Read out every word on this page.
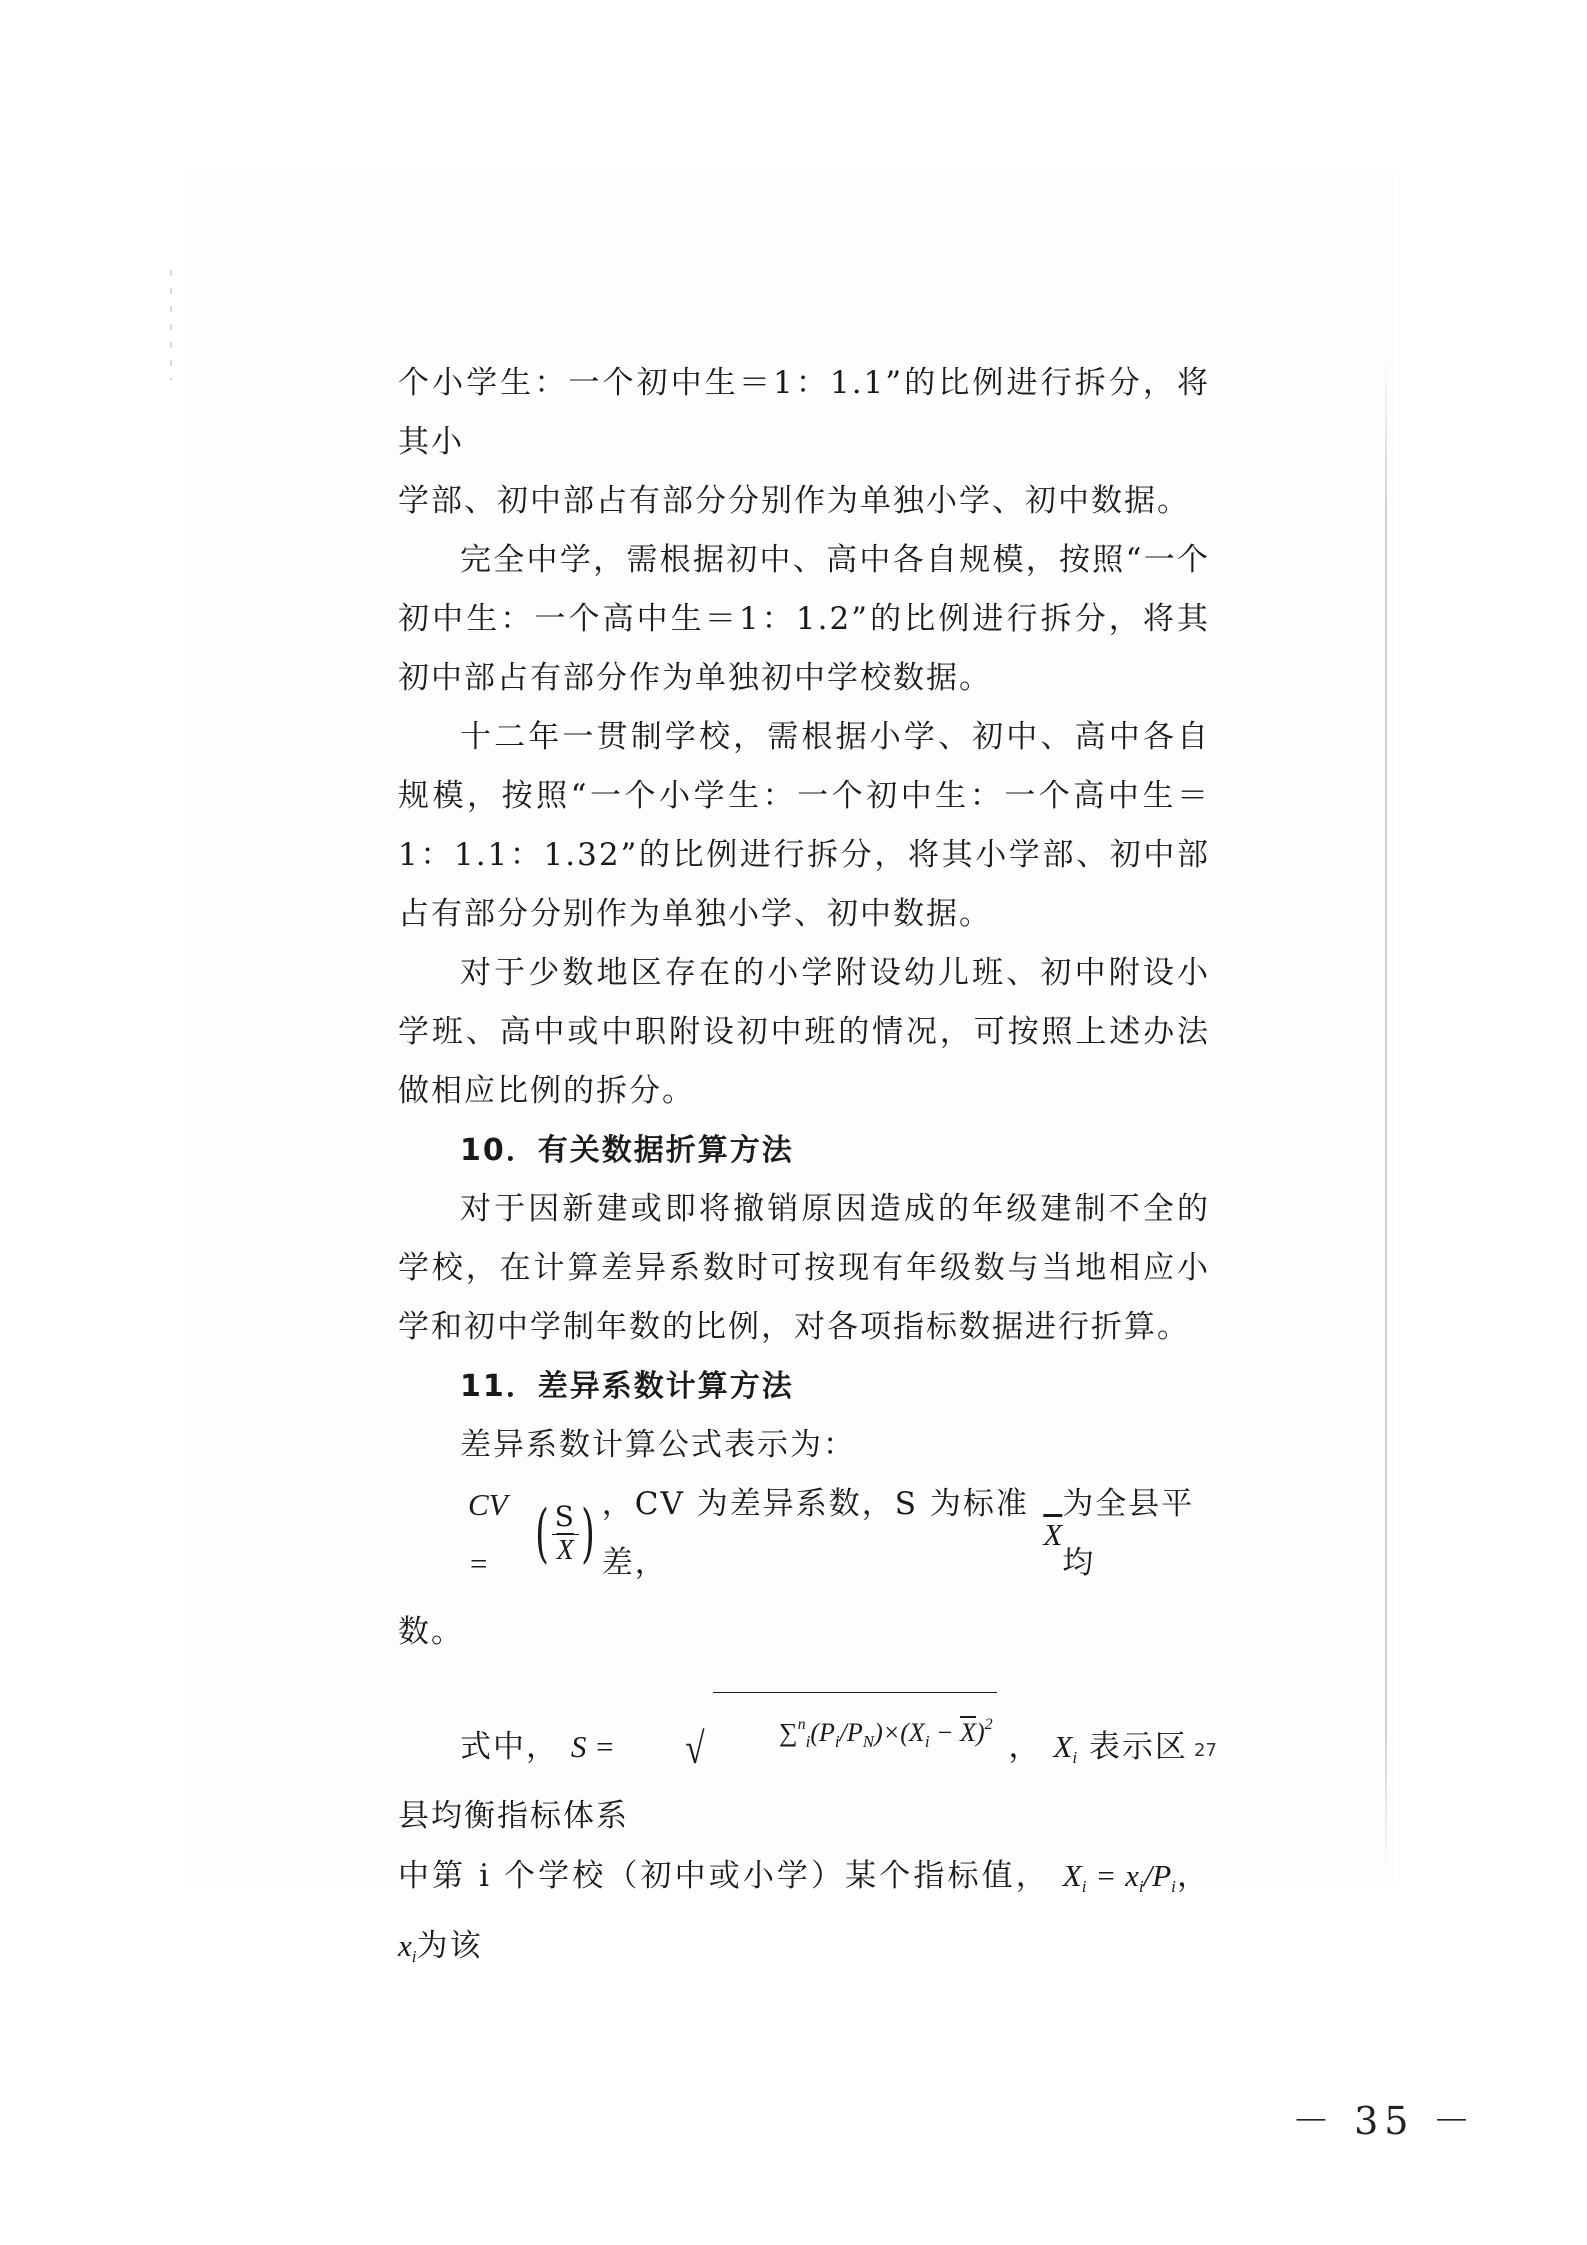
27

个小学生：一个初中生＝1：1.1”的比例进行拆分，将其小

学部、初中部占有部分分别作为单独小学、初中数据。

完全中学，需根据初中、高中各自规模，按照“一个初中生：一个高中生＝1：1.2”的比例进行拆分，将其初中部占有部分作为单独初中学校数据。

十二年一贯制学校，需根据小学、初中、高中各自规模，按照“一个小学生：一个初中生：一个高中生＝1：1.1：1.32”的比例进行拆分，将其小学部、初中部占有部分分别作为单独小学、初中数据。

对于少数地区存在的小学附设幼儿班、初中附设小学班、高中或中职附设初中班的情况，可按照上述办法做相应比例的拆分。

10．有关数据折算方法

对于因新建或即将撤销原因造成的年级建制不全的学校，在计算差异系数时可按现有年级数与当地相应小学和初中学制年数的比例，对各项指标数据进行折算。

11．差异系数计算方法

差异系数计算公式表示为：

CV = ( $\frac{S}{X}$ ) ，CV 为差异系数，S 为标准差，
$\overline{X}$
为全县平均

数。

式中， S =	√	$\sum^n_i(P_i/P_N)\times(X_i - \overline{X})^2$
， $X_i$ 表示区县均衡指标体系

中第 i 个学校（初中或小学）某个指标值， $X_i = x_i/P_i$， $x_i$为该

－ 35 －
